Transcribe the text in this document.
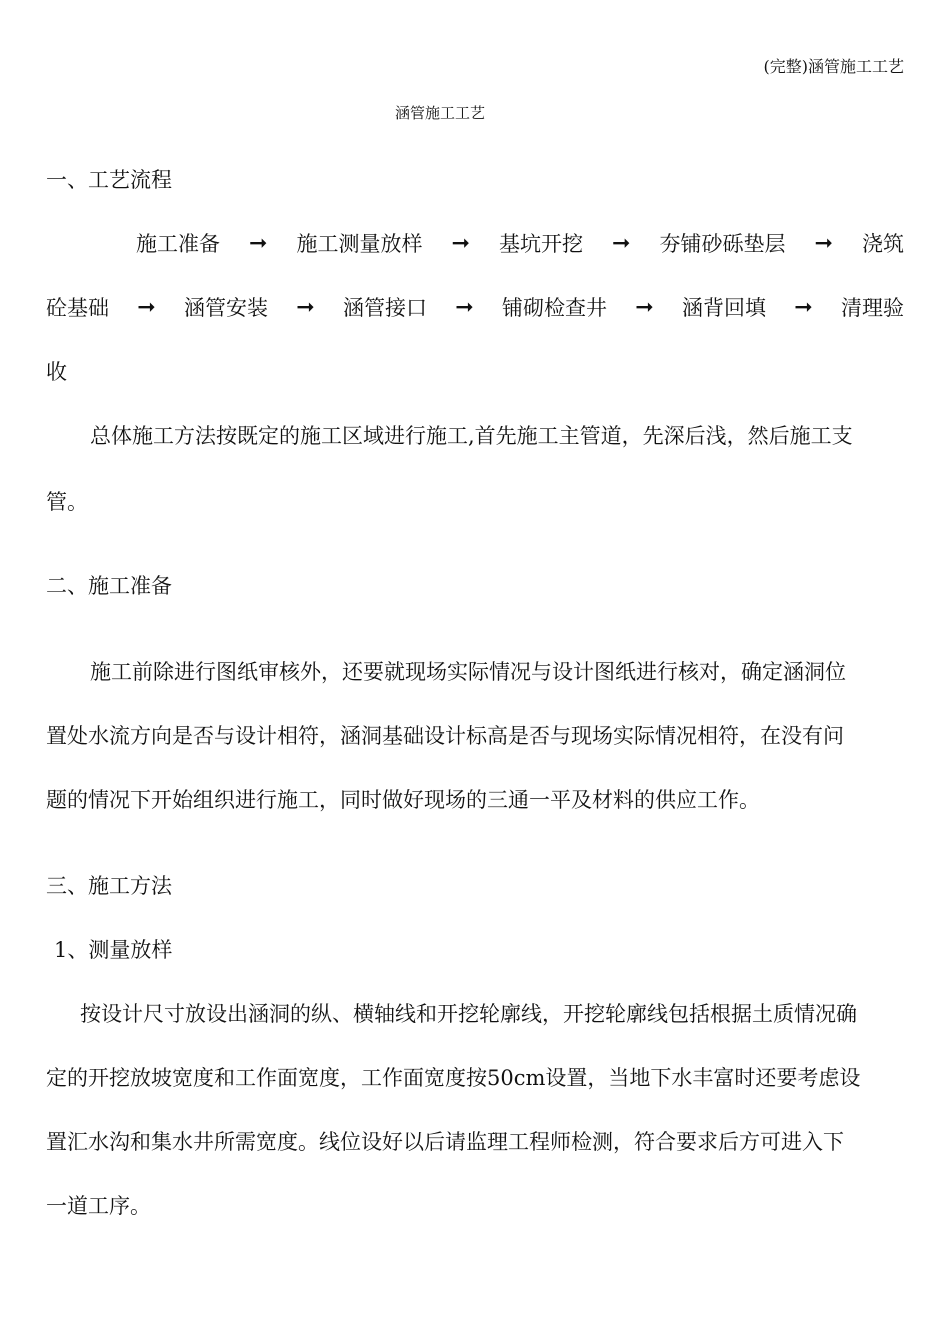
(完整)涵管施工工艺
涵管施工工艺
一、工艺流程
施工准备 ➞ 施工测量放样 ➞ 基坑开挖 ➞ 夯铺砂砾垫层 ➞ 浇筑
砼基础 ➞ 涵管安装 ➞ 涵管接口 ➞ 铺砌检查井 ➞ 涵背回填 ➞ 清理验
收
总体施工方法按既定的施工区域进行施工,首先施工主管道，先深后浅，然后施工支
管。
二、施工准备
施工前除进行图纸审核外，还要就现场实际情况与设计图纸进行核对，确定涵洞位
置处水流方向是否与设计相符，涵洞基础设计标高是否与现场实际情况相符，在没有问
题的情况下开始组织进行施工，同时做好现场的三通一平及材料的供应工作。
三、施工方法
1、测量放样
按设计尺寸放设出涵洞的纵、横轴线和开挖轮廓线，开挖轮廓线包括根据土质情况确
定的开挖放坡宽度和工作面宽度，工作面宽度按50cm设置，当地下水丰富时还要考虑设
置汇水沟和集水井所需宽度。线位设好以后请监理工程师检测，符合要求后方可进入下
一道工序。
